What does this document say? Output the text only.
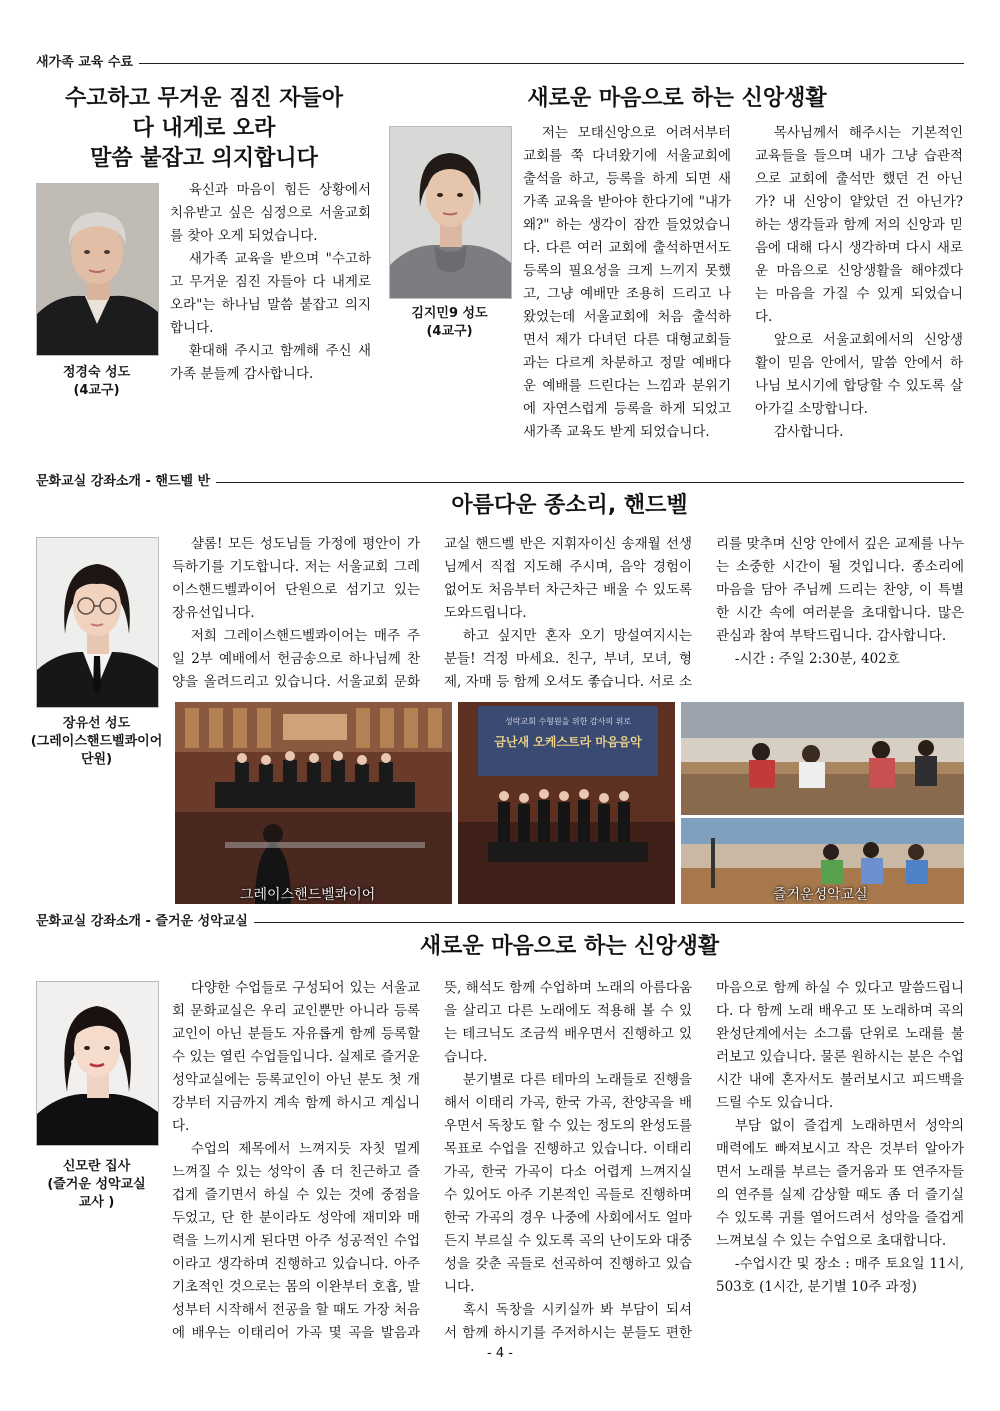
새가족 교육 수료
수고하고 무거운 짐진 자들아
다 내게로 오라
말씀 붙잡고 의지합니다
정경숙 성도
(4교구)

육신과 마음이 힘든 상황에서 치유받고 싶은 심정으로 서울교회를 찾아 오게 되었습니다.

새가족 교육을 받으며 "수고하고 무거운 짐진 자들아 다 내게로 오라"는 하나님 말씀 붙잡고 의지합니다.

환대해 주시고 함께해 주신 새가족 분들께 감사합니다.

새로운 마음으로 하는 신앙생활
김지민9 성도
(4교구)

저는 모태신앙으로 어려서부터 교회를 쭉 다녀왔기에 서울교회에 출석을 하고, 등록을 하게 되면 새가족 교육을 받아야 한다기에 "내가 왜?" 하는 생각이 잠깐 들었었습니다. 다른 여러 교회에 출석하면서도 등록의 필요성을 크게 느끼지 못했고, 그냥 예배만 조용히 드리고 나왔었는데 서울교회에 처음 출석하면서 제가 다녀던 다른 대형교회들과는 다르게 차분하고 정말 예배다운 예배를 드린다는 느낌과 분위기에 자연스럽게 등록을 하게 되었고 새가족 교육도 받게 되었습니다.

목사님께서 해주시는 기본적인 교육들을 들으며 내가 그냥 습관적으로 교회에 출석만 했던 건 아닌가? 내 신앙이 얕았던 건 아닌가? 하는 생각들과 함께 저의 신앙과 믿음에 대해 다시 생각하며 다시 새로운 마음으로 신앙생활을 해야겠다는 마음을 가질 수 있게 되었습니다.

앞으로 서울교회에서의 신앙생활이 믿음 안에서, 말씀 안에서 하나님 보시기에 합당할 수 있도록 살아가길 소망합니다.

감사합니다.

문화교실 강좌소개 - 핸드벨 반
아름다운 종소리, 핸드벨
장유선 성도
(그레이스핸드벨콰이어
단원)

샬롬! 모든 성도님들 가정에 평안이 가득하기를 기도합니다. 저는 서울교회 그레이스핸드벨콰이어 단원으로 섬기고 있는 장유선입니다.

저희 그레이스핸드벨콰이어는 매주 주일 2부 예배에서 헌금송으로 하나님께 찬양을 올려드리고 있습니다. 서울교회 문화교실 핸드벨 반은 지휘자이신 송재월 선생님께서 직접 지도해 주시며, 음악 경험이 없어도 처음부터 차근차근 배울 수 있도록 도와드립니다.

하고 싶지만 혼자 오기 망설여지시는 분들! 걱정 마세요. 친구, 부녀, 모녀, 형제, 자매 등 함께 오셔도 좋습니다. 서로 소리를 맞추며 신앙 안에서 깊은 교제를 나누는 소중한 시간이 될 것입니다. 종소리에 마음을 담아 주님께 드리는 찬양, 이 특별한 시간 속에 여러분을 초대합니다. 많은 관심과 참여 부탁드립니다. 감사합니다.

-시간 : 주일 2:30분, 402호

그레이스핸드벨콰이어
성락교회 수형원을 위한 감사의 위로
금난새 오케스트라 마음음악
즐거운성악교실
문화교실 강좌소개 - 즐거운 성악교실
새로운 마음으로 하는 신앙생활
신모란 집사
(즐거운 성악교실
교사 )

다양한 수업들로 구성되어 있는 서울교회 문화교실은 우리 교인뿐만 아니라 등록교인이 아닌 분들도 자유롭게 함께 등록할 수 있는 열린 수업들입니다. 실제로 즐거운 성악교실에는 등록교인이 아닌 분도 첫 개강부터 지금까지 계속 함께 하시고 계십니다.

수업의 제목에서 느껴지듯 자칫 멀게 느껴질 수 있는 성악이 좀 더 친근하고 즐겁게 즐기면서 하실 수 있는 것에 중점을 두었고, 단 한 분이라도 성악에 재미와 매력을 느끼시게 된다면 아주 성공적인 수업이라고 생각하며 진행하고 있습니다. 아주 기초적인 것으로는 몸의 이완부터 호흡, 발성부터 시작해서 전공을 할 때도 가장 처음에 배우는 이태리어 가곡 몇 곡을 발음과 뜻, 해석도 함께 수업하며 노래의 아름다움을 살리고 다른 노래에도 적용해 볼 수 있는 테크닉도 조금씩 배우면서 진행하고 있습니다.

분기별로 다른 테마의 노래들로 진행을 해서 이태리 가곡, 한국 가곡, 찬양곡을 배우면서 독창도 할 수 있는 정도의 완성도를 목표로 수업을 진행하고 있습니다. 이태리 가곡, 한국 가곡이 다소 어렵게 느껴지실 수 있어도 아주 기본적인 곡들로 진행하며 한국 가곡의 경우 나중에 사회에서도 얼마든지 부르실 수 있도록 곡의 난이도와 대중성을 갖춘 곡들로 선곡하여 진행하고 있습니다.

혹시 독창을 시키실까 봐 부담이 되셔서 함께 하시기를 주저하시는 분들도 편한 마음으로 함께 하실 수 있다고 말씀드립니다. 다 함께 노래 배우고 또 노래하며 곡의 완성단계에서는 소그룹 단위로 노래를 불러보고 있습니다. 물론 원하시는 분은 수업시간 내에 혼자서도 불러보시고 피드백을 드릴 수도 있습니다.

부담 없이 즐겁게 노래하면서 성악의 매력에도 빠져보시고 작은 것부터 알아가면서 노래를 부르는 즐거움과 또 연주자들의 연주를 실제 감상할 때도 좀 더 즐기실 수 있도록 귀를 열어드려서 성악을 즐겁게 느껴보실 수 있는 수업으로 초대합니다.

-수업시간 및 장소 : 매주 토요일 11시, 503호 (1시간, 분기별 10주 과정)

- 4 -
